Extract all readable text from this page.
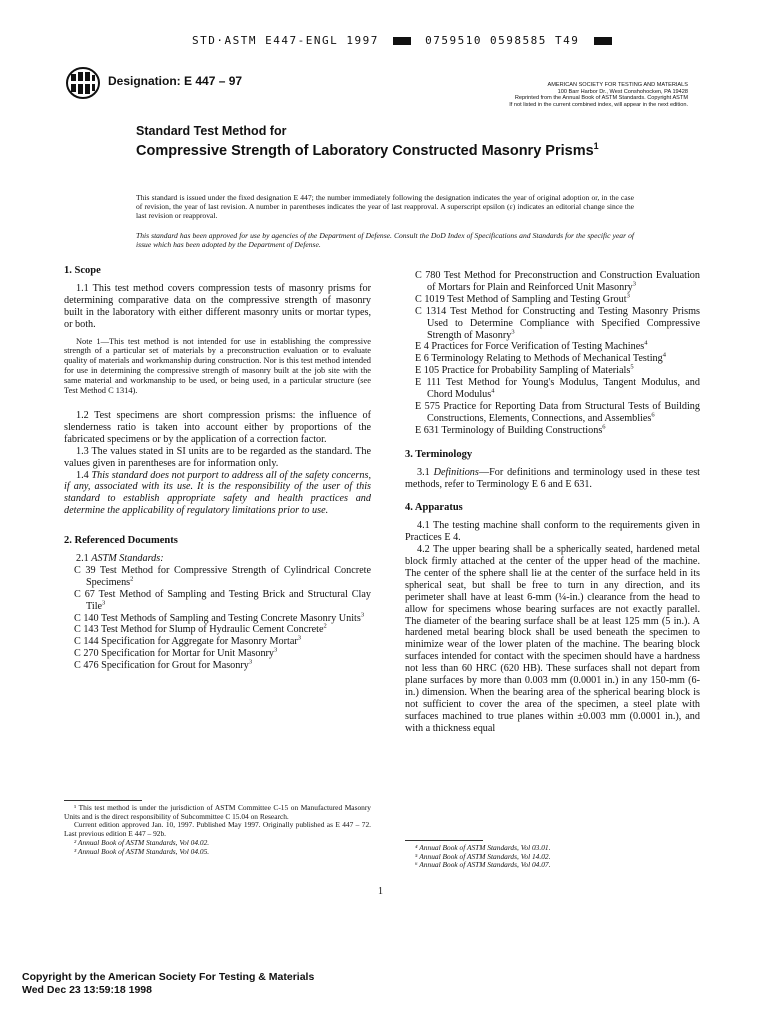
STD·ASTM E447-ENGL 1997	0759510 0598585 T49
Designation: E 447 – 97	AMERICAN SOCIETY FOR TESTING AND MATERIALS
100 Barr Harbor Dr., West Conshohocken, PA 19428
Reprinted from the Annual Book of ASTM Standards. Copyright ASTM
If not listed in the current combined index, will appear in the next edition.
Standard Test Method for
Compressive Strength of Laboratory Constructed Masonry Prisms$^1$
This standard is issued under the fixed designation E 447; the number immediately following the designation indicates the year of original adoption or, in the case of revision, the year of last revision. A number in parentheses indicates the year of last reapproval. A superscript epsilon (ε) indicates an editorial change since the last revision or reapproval.
This standard has been approved for use by agencies of the Department of Defense. Consult the DoD Index of Specifications and Standards for the specific year of issue which has been adopted by the Department of Defense.
1. Scope

1.1 This test method covers compression tests of masonry prisms for determining comparative data on the compressive strength of masonry built in the laboratory with either different masonry units or mortar types, or both.

Note 1—This test method is not intended for use in establishing the compressive strength of a particular set of materials by a preconstruction evaluation or to evaluate quality of materials and workmanship during construction. Nor is this test method intended for use in determining the compressive strength of masonry built at the job site with the same material and workmanship to be used, or being used, in a particular structure (see Test Method C 1314).

1.2 Test specimens are short compression prisms: the influence of slenderness ratio is taken into account either by proportions of the fabricated specimens or by the application of a correction factor.

1.3 The values stated in SI units are to be regarded as the standard. The values given in parentheses are for information only.

1.4 This standard does not purport to address all of the safety concerns, if any, associated with its use. It is the responsibility of the user of this standard to establish appropriate safety and health practices and determine the applicability of regulatory limitations prior to use.

2. Referenced Documents

2.1 ASTM Standards:

C 39 Test Method for Compressive Strength of Cylindrical Concrete Specimens$^2$

C 67 Test Method of Sampling and Testing Brick and Structural Clay Tile$^3$

C 140 Test Methods of Sampling and Testing Concrete Masonry Units$^3$

C 143 Test Method for Slump of Hydraulic Cement Concrete$^2$

C 144 Specification for Aggregate for Masonry Mortar$^3$

C 270 Specification for Mortar for Unit Masonry$^3$

C 476 Specification for Grout for Masonry$^3$

C 780 Test Method for Preconstruction and Construction Evaluation of Mortars for Plain and Reinforced Unit Masonry$^3$

C 1019 Test Method of Sampling and Testing Grout$^3$

C 1314 Test Method for Constructing and Testing Masonry Prisms Used to Determine Compliance with Specified Compressive Strength of Masonry$^3$

E 4 Practices for Force Verification of Testing Machines$^4$

E 6 Terminology Relating to Methods of Mechanical Testing$^4$

E 105 Practice for Probability Sampling of Materials$^5$

E 111 Test Method for Young's Modulus, Tangent Modulus, and Chord Modulus$^4$

E 575 Practice for Reporting Data from Structural Tests of Building Constructions, Elements, Connections, and Assemblies$^6$

E 631 Terminology of Building Constructions$^6$

3. Terminology

3.1 Definitions—For definitions and terminology used in these test methods, refer to Terminology E 6 and E 631.

4. Apparatus

4.1 The testing machine shall conform to the requirements given in Practices E 4.

4.2 The upper bearing shall be a spherically seated, hardened metal block firmly attached at the center of the upper head of the machine. The center of the sphere shall lie at the center of the surface held in its spherical seat, but shall be free to turn in any direction, and its perimeter shall have at least 6-mm (¼-in.) clearance from the head to allow for specimens whose bearing surfaces are not exactly parallel. The diameter of the bearing surface shall be at least 125 mm (5 in.). A hardened metal bearing block shall be used beneath the specimen to minimize wear of the lower platen of the machine. The bearing block surfaces intended for contact with the specimen should have a hardness not less than 60 HRC (620 HB). These surfaces shall not depart from plane surfaces by more than 0.003 mm (0.0001 in.) in any 150-mm (6-in.) dimension. When the bearing area of the spherical bearing block is not sufficient to cover the area of the specimen, a steel plate with surfaces machined to true planes within ±0.003 mm (0.0001 in.), and with a thickness equal

¹ This test method is under the jurisdiction of ASTM Committee C-15 on Manufactured Masonry Units and is the direct responsibility of Subcommittee C 15.04 on Research.

Current edition approved Jan. 10, 1997. Published May 1997. Originally published as E 447 – 72. Last previous edition E 447 – 92b.

² Annual Book of ASTM Standards, Vol 04.02.

³ Annual Book of ASTM Standards, Vol 04.05.	⁴ Annual Book of ASTM Standards, Vol 03.01.

⁵ Annual Book of ASTM Standards, Vol 14.02.

⁶ Annual Book of ASTM Standards, Vol 04.07.

1
Copyright by the American Society For Testing & Materials
Wed Dec 23 13:59:18 1998
